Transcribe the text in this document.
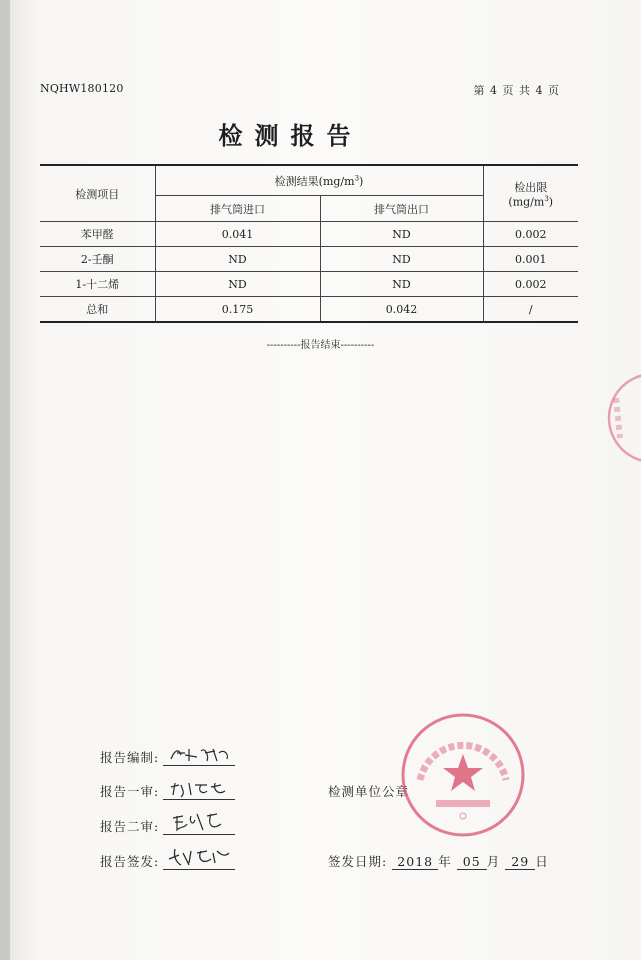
NQHW180120	第 4 页 共 4 页
检测报告
检测项目	检测结果$(mg/m^3)$		检出限
$(mg/m^3)$
	排气筒进口	排气筒出口	
苯甲醛	0.041	ND	0.002
2-壬酮	ND	ND	0.001
1-十二烯	ND	ND	0.002
总和	0.175	0.042	/
----------报告结束----------
报告编制:
报告一审:
报告二审:
报告签发:
检测单位公章
签发日期: 2018 年 05 月 29 日
